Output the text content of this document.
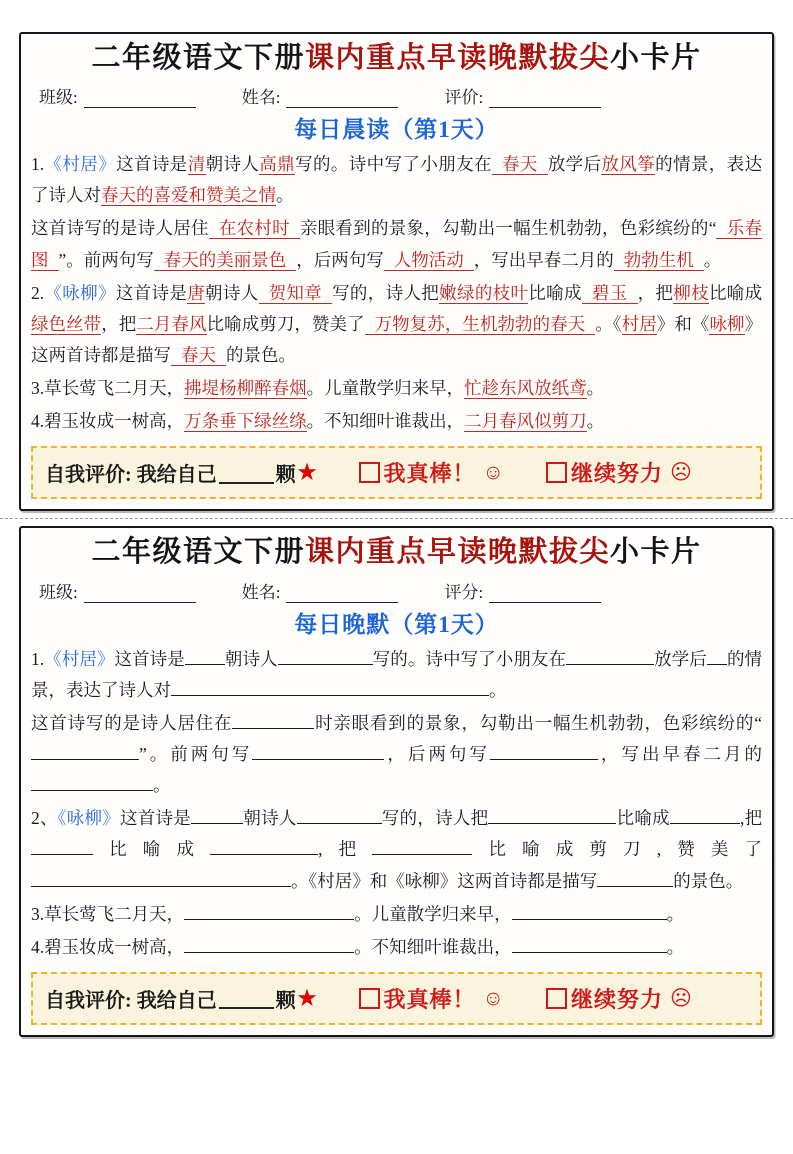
二年级语文下册课内重点早读晚默拔尖小卡片
班级:	姓名:	评价:
每日晨读（第1天）
1.《村居》这首诗是清朝诗人高鼎写的。诗中写了小朋友在 春天 放学后放风筝的情景，表达了诗人对春天的喜爱和赞美之情。
这首诗写的是诗人居住 在农村时 亲眼看到的景象，勾勒出一幅生机勃勃，色彩缤纷的“ 乐春图 ”。前两句写 春天的美丽景色 ，后两句写 人物活动 ，写出早春二月的 勃勃生机 。
2.《咏柳》这首诗是唐朝诗人 贺知章 写的，诗人把嫩绿的枝叶比喻成 碧玉 ，把柳枝比喻成绿色丝带，把二月春风比喻成剪刀，赞美了 万物复苏，生机勃勃的春天 。《村居》和《咏柳》这两首诗都是描写 春天 的景色。
3.草长莺飞二月天，拂堤杨柳醉春烟。儿童散学归来早，忙趁东风放纸鸢。
4.碧玉妆成一树高，万条垂下绿丝绦。不知细叶谁裁出，二月春风似剪刀。
自我评价: 我给自己	颗 ★	我真棒！ ☺	继续努力 ☹
二年级语文下册课内重点早读晚默拔尖小卡片
班级:	姓名:	评分:
每日晚默（第1天）
1.《村居》这首诗是 朝诗人	写的。诗中写了小朋友在	放学后 的情景，表达了诗人对	。
这首诗写的是诗人居住在	时亲眼看到的景象，勾勒出一幅生机勃勃，色彩缤纷的“”。前两句写	，后两句写	，写出早春二月的。
2、《咏柳》这首诗是	朝诗人	写的，诗人把	比喻成	,把比喻成	,把	比喻成剪刀,赞美了。《村居》和《咏柳》这两首诗都是描写	的景色。
3.草长莺飞二月天，	。儿童散学归来早，	。
4.碧玉妆成一树高，	。不知细叶谁裁出，	。
自我评价: 我给自己	颗 ★	我真棒！ ☺	继续努力 ☹
